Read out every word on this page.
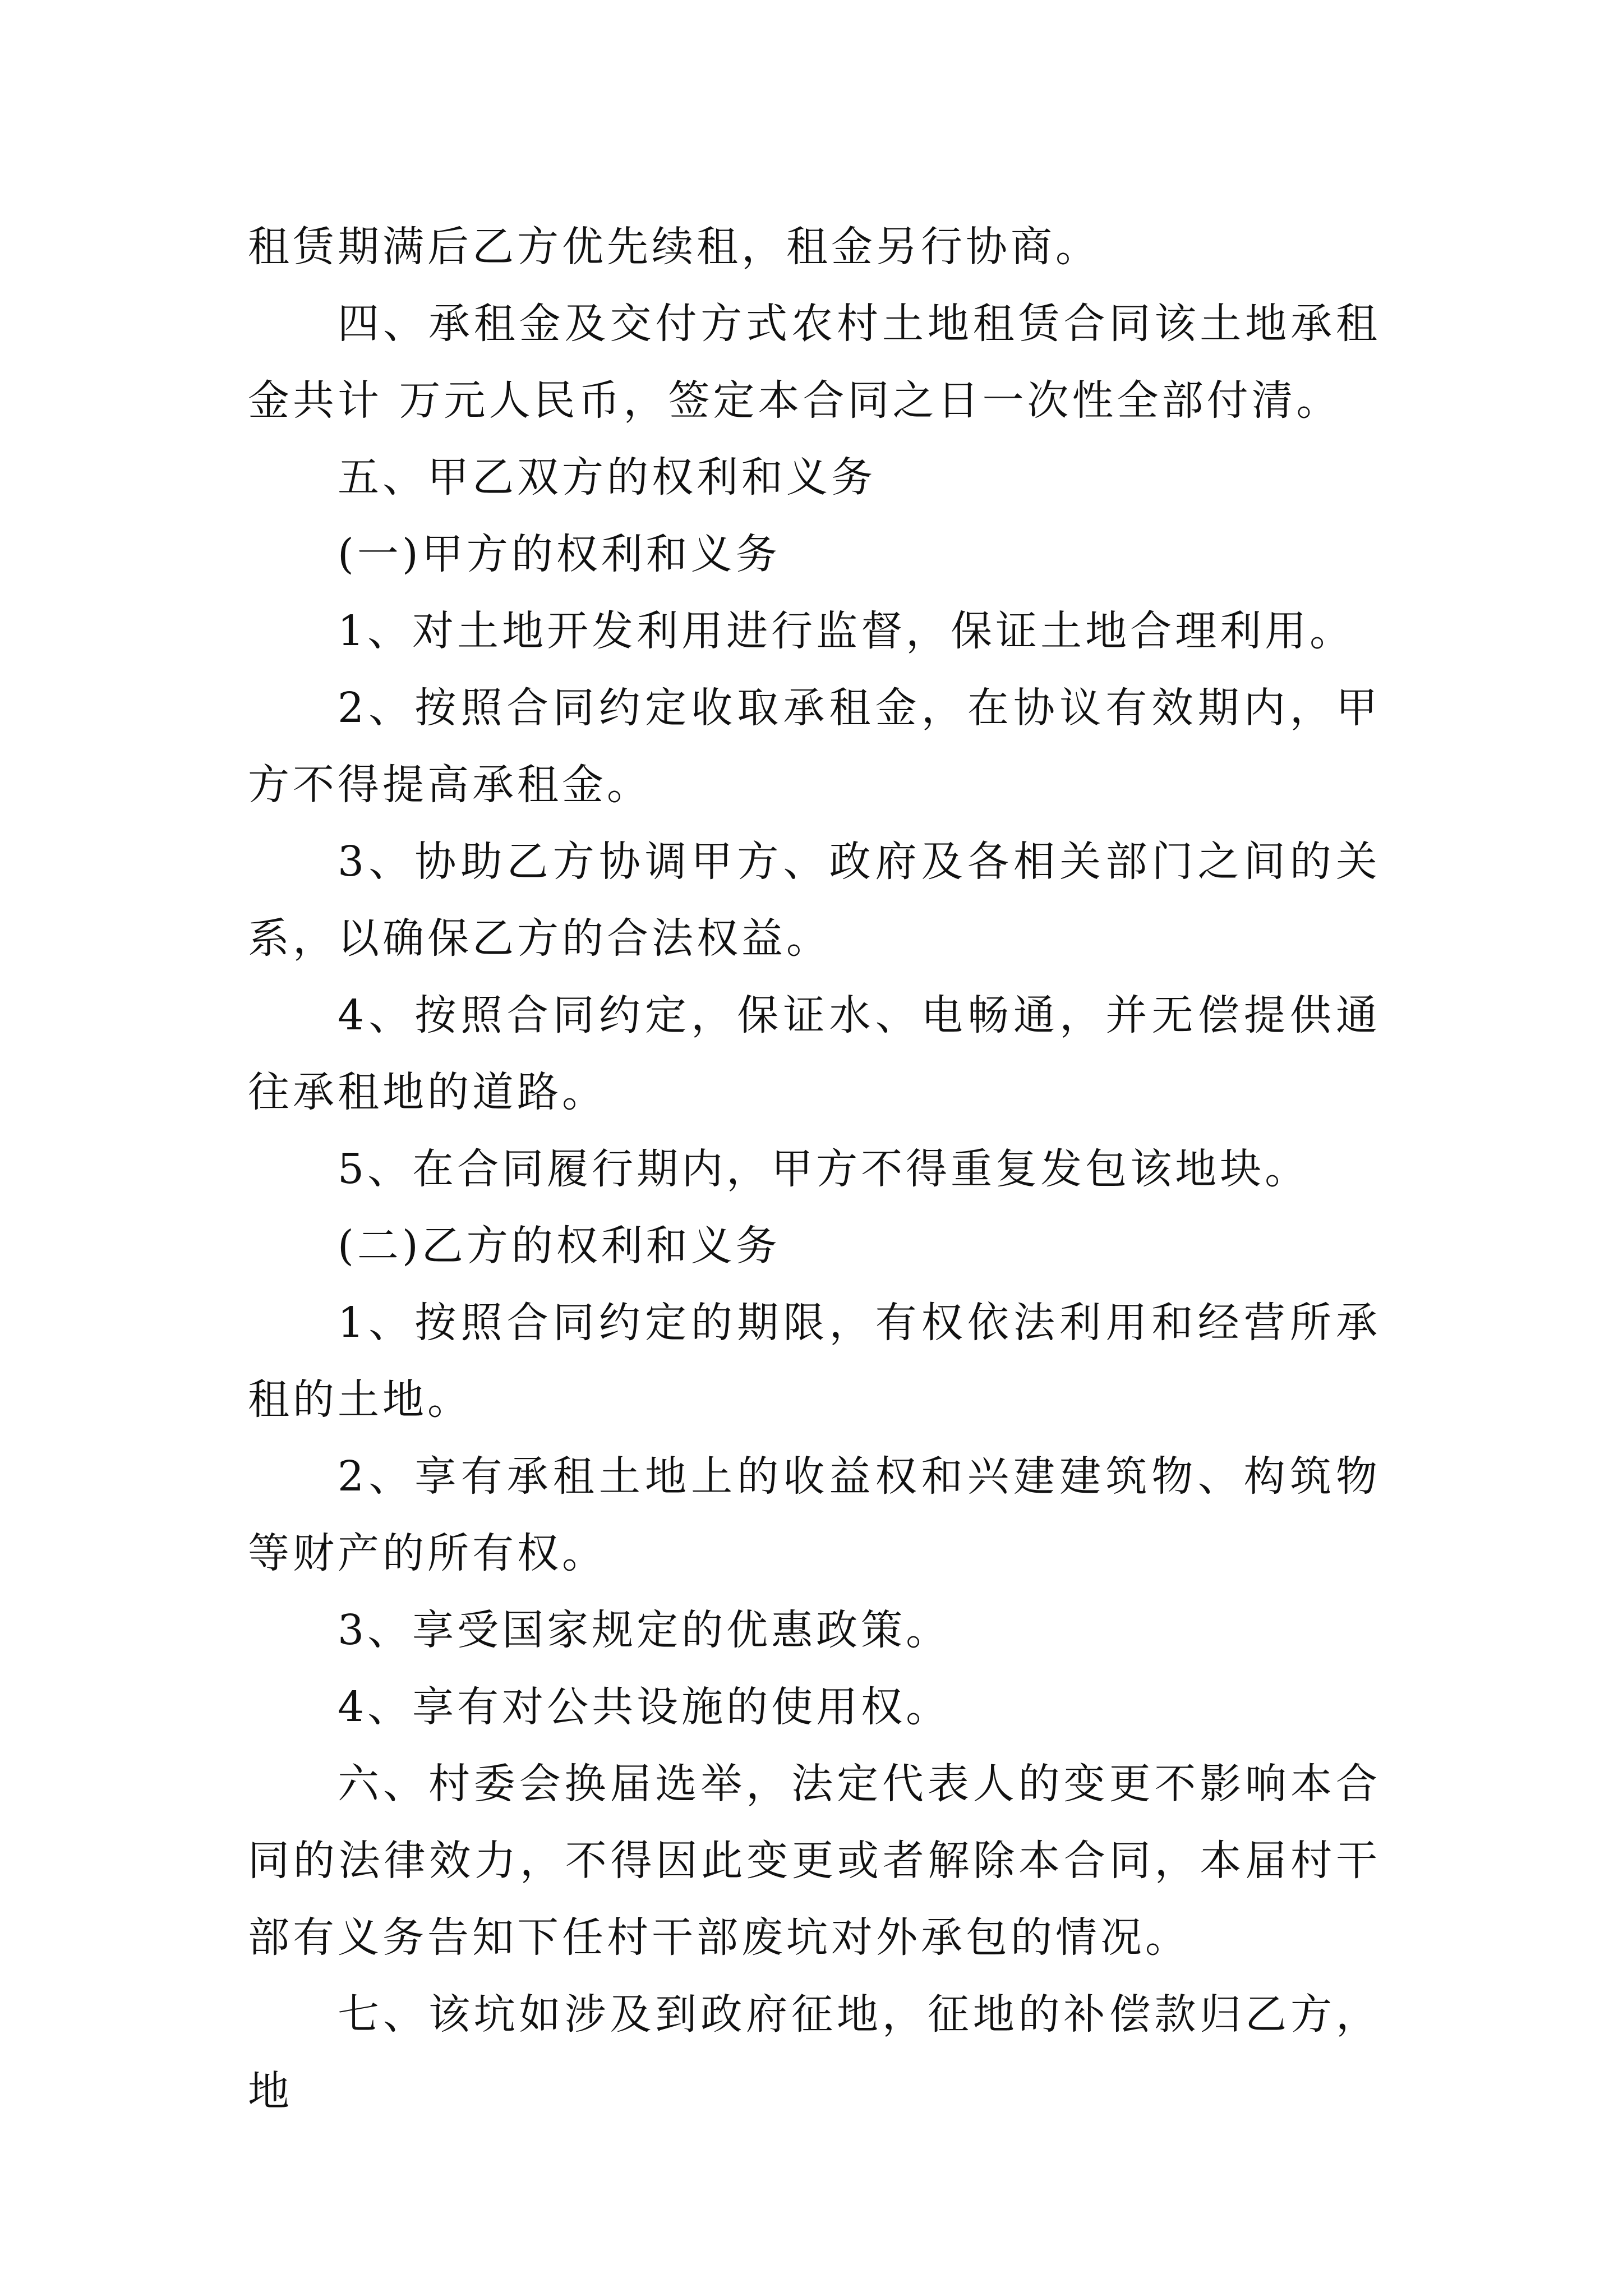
租赁期满后乙方优先续租，租金另行协商。

四、承租金及交付方式农村土地租赁合同该土地承租金共计 万元人民币，签定本合同之日一次性全部付清。

五、甲乙双方的权利和义务

(一)甲方的权利和义务

1、对土地开发利用进行监督，保证土地合理利用。

2、按照合同约定收取承租金，在协议有效期内，甲方不得提高承租金。

3、协助乙方协调甲方、政府及各相关部门之间的关系，以确保乙方的合法权益。

4、按照合同约定，保证水、电畅通，并无偿提供通往承租地的道路。

5、在合同履行期内，甲方不得重复发包该地块。

(二)乙方的权利和义务

1、按照合同约定的期限，有权依法利用和经营所承租的土地。

2、享有承租土地上的收益权和兴建建筑物、构筑物等财产的所有权。

3、享受国家规定的优惠政策。

4、享有对公共设施的使用权。

六、村委会换届选举，法定代表人的变更不影响本合同的法律效力，不得因此变更或者解除本合同，本届村干部有义务告知下任村干部废坑对外承包的情况。

七、该坑如涉及到政府征地，征地的补偿款归乙方，地
